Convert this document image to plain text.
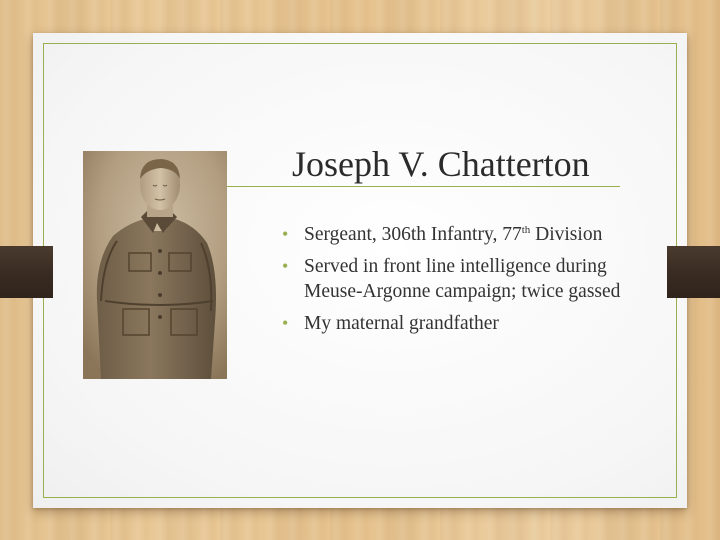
Joseph V. Chatterton
• Sergeant, 306th Infantry, 77th Division
• Served in front line intelligence during Meuse-Argonne campaign; twice gassed
• My maternal grandfather
